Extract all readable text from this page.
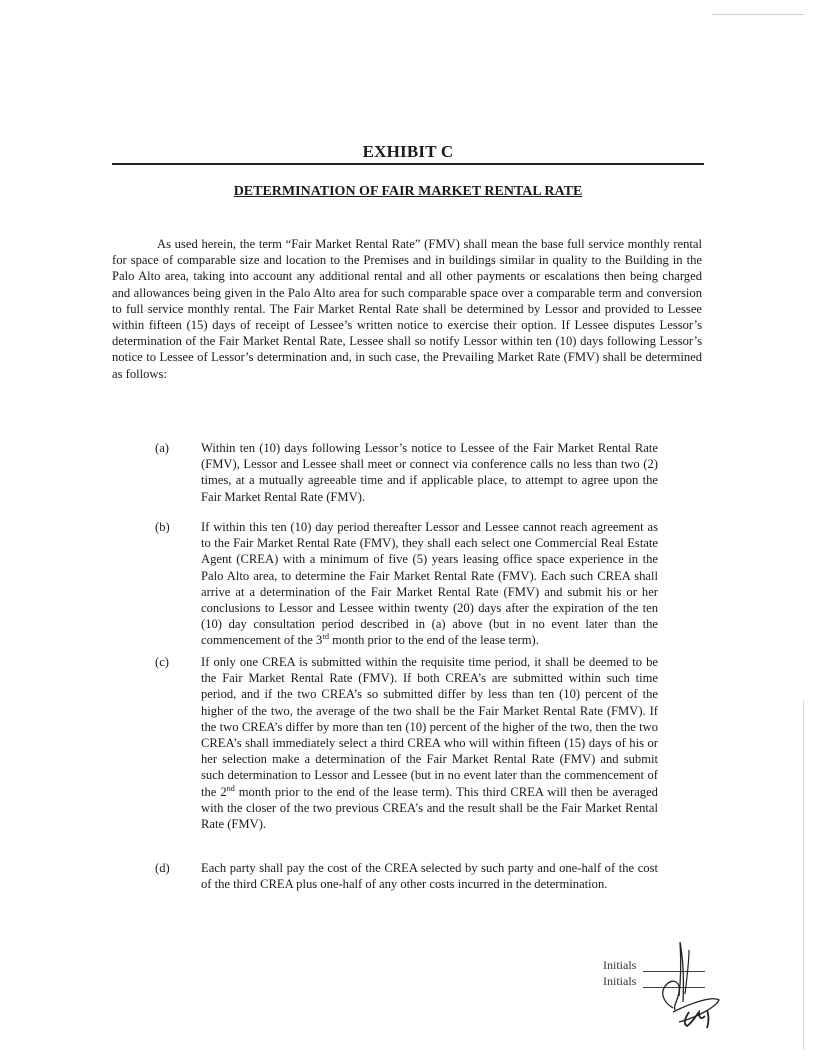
EXHIBIT C
DETERMINATION OF FAIR MARKET RENTAL RATE

As used herein, the term “Fair Market Rental Rate” (FMV) shall mean the base full service monthly rental for space of comparable size and location to the Premises and in buildings similar in quality to the Building in the Palo Alto area, taking into account any additional rental and all other payments or escalations then being charged and allowances being given in the Palo Alto area for such comparable space over a comparable term and conversion to full service monthly rental. The Fair Market Rental Rate shall be determined by Lessor and provided to Lessee within fifteen (15) days of receipt of Lessee’s written notice to exercise their option. If Lessee disputes Lessor’s determination of the Fair Market Rental Rate, Lessee shall so notify Lessor within ten (10) days following Lessor’s notice to Lessee of Lessor’s determination and, in such case, the Prevailing Market Rate (FMV) shall be determined as follows:

(a)	Within ten (10) days following Lessor’s notice to Lessee of the Fair Market Rental Rate (FMV), Lessor and Lessee shall meet or connect via conference calls no less than two (2) times, at a mutually agreeable time and if applicable place, to attempt to agree upon the Fair Market Rental Rate (FMV).

(b) If within this ten (10) day period thereafter Lessor and Lessee cannot reach agreement as to the Fair Market Rental Rate (FMV), they shall each select one Commercial Real Estate Agent (CREA) with a minimum of five (5) years leasing office space experience in the Palo Alto area, to determine the Fair Market Rental Rate (FMV). Each such CREA shall arrive at a determination of the Fair Market Rental Rate (FMV) and submit his or her conclusions to Lessor and Lessee within twenty (20) days after the expiration of the ten (10) day consultation period described in (a) above (but in no event later than the commencement of the 3rd month prior to the end of the lease term).

(c)	If only one CREA is submitted within the requisite time period, it shall be deemed to be the Fair Market Rental Rate (FMV). If both CREA’s are submitted within such time period, and if the two CREA’s so submitted differ by less than ten (10) percent of the higher of the two, the average of the two shall be the Fair Market Rental Rate (FMV). If the two CREA’s differ by more than ten (10) percent of the higher of the two, then the two CREA’s shall immediately select a third CREA who will within fifteen (15) days of his or her selection make a determination of the Fair Market Rental Rate (FMV) and submit such determination to Lessor and Lessee (but in no event later than the commencement of the 2nd month prior to the end of the lease term). This third CREA will then be averaged with the closer of the two previous CREA’s and the result shall be the Fair Market Rental Rate (FMV).

(d) Each party shall pay the cost of the CREA selected by such party and one-half of the cost of the third CREA plus one-half of any other costs incurred in the determination.

Initials
Initials
